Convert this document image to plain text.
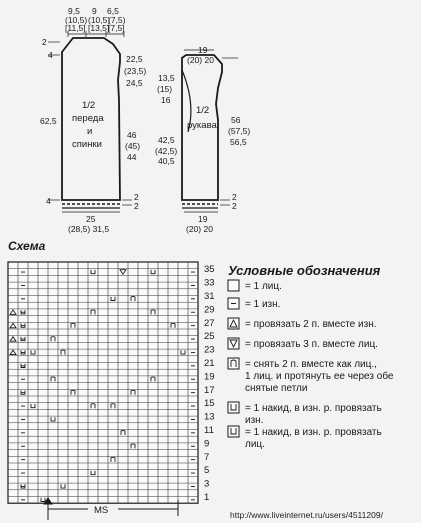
9,5
(10,5)
[11,5]
9
(10,5)
[13,5]
6,5
(7,5)
[7,5]
2
4	22,5
(23,5)
24,5
62,5
1/2
переда
и
спинки
46
(45)
44
4	2
2
25
(28,5) 31,5
19
(20) 20
13,5
(15)
16
1/2
рукава
42,5
(42,5)
40,5
56
(57,5)
56,5
2
2
19
(20) 20
Схема
35
33
31
29
27
25
23
21
19
17
15
13
11
9
7
5
3
1
MS
Условные обозначения
= 1 лиц.
= 1 изн.
= провязать 2 п. вместе изн.
= провязать 3 п. вместе лиц.
= снять 2 п. вместе как лиц.,
1 лиц. и протянуть ее через обе
снятые петли
= 1 накид, в изн. р. провязать
изн.
= 1 накид, в изн. р. провязать
лиц.
http://www.liveinternet.ru/users/4511209/
